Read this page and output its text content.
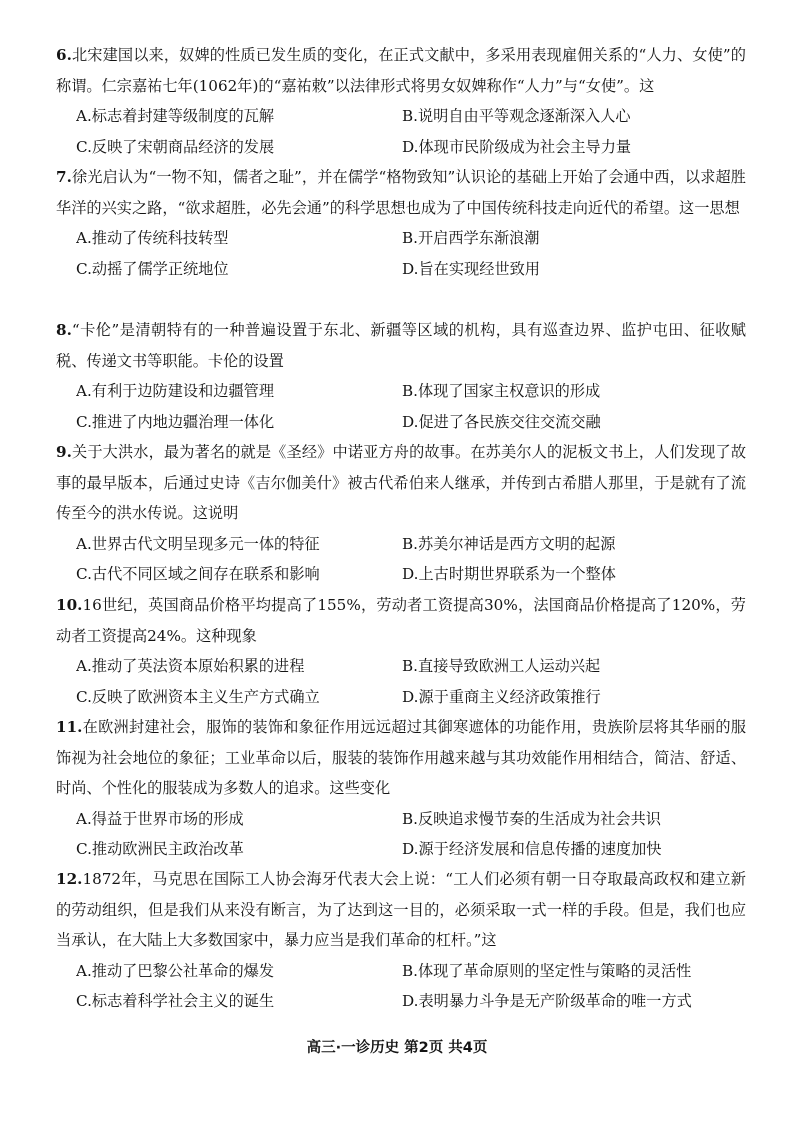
6.北宋建国以来，奴婢的性质已发生质的变化，在正式文献中，多采用表现雇佣关系的“人力、女使”的称谓。仁宗嘉祐七年(1062年)的“嘉祐敕”以法律形式将男女奴婢称作“人力”与“女使”。这

A.标志着封建等级制度的瓦解	B.说明自由平等观念逐渐深入人心
C.反映了宋朝商品经济的发展	D.体现市民阶级成为社会主导力量

7.徐光启认为“一物不知，儒者之耻”，并在儒学“格物致知”认识论的基础上开始了会通中西，以求超胜华洋的兴实之路，“欲求超胜，必先会通”的科学思想也成为了中国传统科技走向近代的希望。这一思想

A.推动了传统科技转型	B.开启西学东渐浪潮
C.动摇了儒学正统地位	D.旨在实现经世致用

8.“卡伦”是清朝特有的一种普遍设置于东北、新疆等区域的机构，具有巡查边界、监护屯田、征收赋税、传递文书等职能。卡伦的设置

A.有利于边防建设和边疆管理	B.体现了国家主权意识的形成
C.推进了内地边疆治理一体化	D.促进了各民族交往交流交融

9.关于大洪水，最为著名的就是《圣经》中诺亚方舟的故事。在苏美尔人的泥板文书上，人们发现了故事的最早版本，后通过史诗《吉尔伽美什》被古代希伯来人继承，并传到古希腊人那里，于是就有了流传至今的洪水传说。这说明

A.世界古代文明呈现多元一体的特征	B.苏美尔神话是西方文明的起源
C.古代不同区域之间存在联系和影响	D.上古时期世界联系为一个整体

10.16世纪，英国商品价格平均提高了155%，劳动者工资提高30%，法国商品价格提高了120%，劳动者工资提高24%。这种现象

A.推动了英法资本原始积累的进程	B.直接导致欧洲工人运动兴起
C.反映了欧洲资本主义生产方式确立	D.源于重商主义经济政策推行

11.在欧洲封建社会，服饰的装饰和象征作用远远超过其御寒遮体的功能作用，贵族阶层将其华丽的服饰视为社会地位的象征；工业革命以后，服装的装饰作用越来越与其功效能作用相结合，简洁、舒适、时尚、个性化的服装成为多数人的追求。这些变化

A.得益于世界市场的形成	B.反映追求慢节奏的生活成为社会共识
C.推动欧洲民主政治改革	D.源于经济发展和信息传播的速度加快

12.1872年，马克思在国际工人协会海牙代表大会上说：“工人们必须有朝一日夺取最高政权和建立新的劳动组织，但是我们从来没有断言，为了达到这一目的，必须采取一式一样的手段。但是，我们也应当承认，在大陆上大多数国家中，暴力应当是我们革命的杠杆。”这

A.推动了巴黎公社革命的爆发	B.体现了革命原则的坚定性与策略的灵活性
C.标志着科学社会主义的诞生	D.表明暴力斗争是无产阶级革命的唯一方式
高三·一诊历史 第2页 共4页
